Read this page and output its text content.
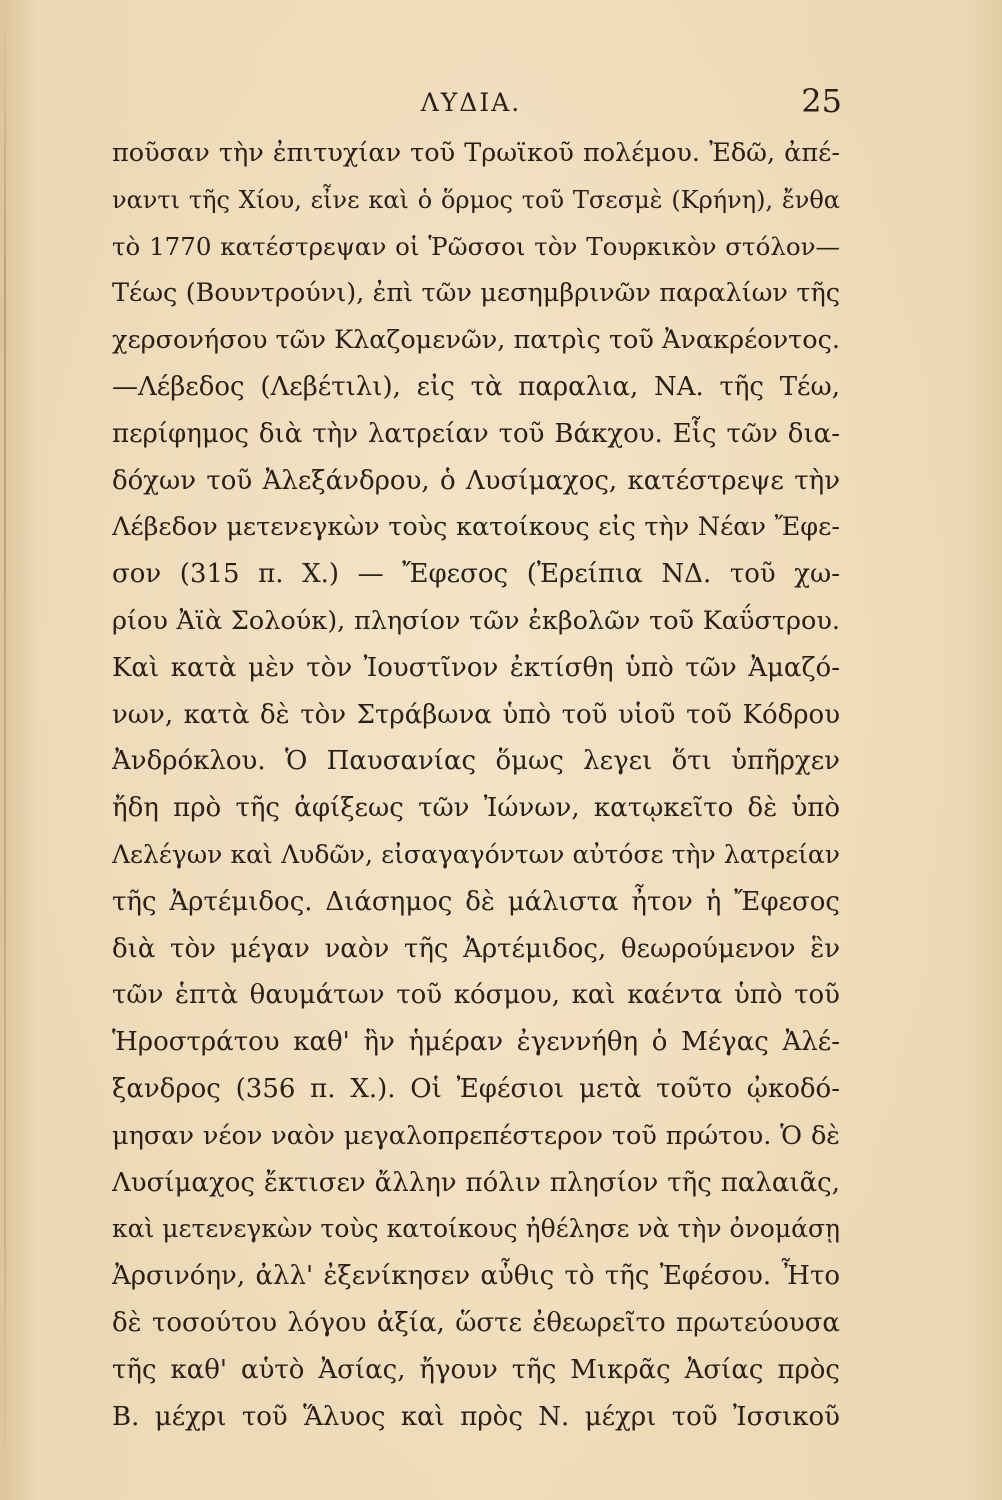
ΛΥΔΙΑ.	25
ποῦσαν τὴν ἐπιτυχίαν τοῦ Τρωϊκοῦ πολέμου. Ἐδῶ, ἀπέ-
ναντι τῆς Χίου, εἶνε καὶ ὁ ὅρμος τοῦ Τσεσμὲ (Κρήνη), ἔνθα
τὸ 1770 κατέστρεψαν οἱ Ῥῶσσοι τὸν Τουρκικὸν στόλον—
Τέως (Βουντρούνι), ἐπὶ τῶν μεσημβρινῶν παραλίων τῆς
χερσονήσου τῶν Κλαζομενῶν, πατρὶς τοῦ Ἀνακρέοντος.
—Λέβεδος (Λεβέτιλι), εἰς τὰ παραλια, ΝΑ. τῆς Τέω,
περίφημος διὰ τὴν λατρείαν τοῦ Βάκχου. Εἷς τῶν δια-
δόχων τοῦ Ἀλεξάνδρου, ὁ Λυσίμαχος, κατέστρεψε τὴν
Λέβεδον μετενεγκὼν τοὺς κατοίκους εἰς τὴν Νέαν Ἔφε-
σον (315 π. Χ.) — Ἔφεσος (Ἐρείπια ΝΔ. τοῦ χω-
ρίου Ἀϊὰ Σολούκ), πλησίον τῶν ἐκβολῶν τοῦ Καΰστρου.
Καὶ κατὰ μὲν τὸν Ἰουστῖνον ἐκτίσθη ὑπὸ τῶν Ἀμαζό-
νων, κατὰ δὲ τὸν Στράβωνα ὑπὸ τοῦ υἱοῦ τοῦ Κόδρου
Ἀνδρόκλου. Ὁ Παυσανίας ὅμως λεγει ὅτι ὑπῆρχεν
ἤδη πρὸ τῆς ἀφίξεως τῶν Ἰώνων, κατῳκεῖτο δὲ ὑπὸ
Λελέγων καὶ Λυδῶν, εἰσαγαγόντων αὐτόσε τὴν λατρείαν
τῆς Ἀρτέμιδος. Διάσημος δὲ μάλιστα ἦτον ἡ Ἔφεσος
διὰ τὸν μέγαν ναὸν τῆς Ἀρτέμιδος, θεωρούμενον ἓν
τῶν ἑπτὰ θαυμάτων τοῦ κόσμου, καὶ καέντα ὑπὸ τοῦ
Ἡροστράτου καθ' ἣν ἡμέραν ἐγεννήθη ὁ Μέγας Ἀλέ-
ξανδρος (356 π. Χ.). Οἱ Ἐφέσιοι μετὰ τοῦτο ᾠκοδό-
μησαν νέον ναὸν μεγαλοπρεπέστερον τοῦ πρώτου. Ὁ δὲ
Λυσίμαχος ἔκτισεν ἄλλην πόλιν πλησίον τῆς παλαιᾶς,
καὶ μετενεγκὼν τοὺς κατοίκους ἠθέλησε νὰ τὴν ὀνομάσῃ
Ἀρσινόην, ἀλλ' ἐξενίκησεν αὖθις τὸ τῆς Ἐφέσου. Ἦτο
δὲ τοσούτου λόγου ἀξία, ὥστε ἐθεωρεῖτο πρωτεύουσα
τῆς καθ' αὑτὸ Ἀσίας, ἤγουν τῆς Μικρᾶς Ἀσίας πρὸς
Β. μέχρι τοῦ Ἅλυος καὶ πρὸς Ν. μέχρι τοῦ Ἰσσικοῦ
